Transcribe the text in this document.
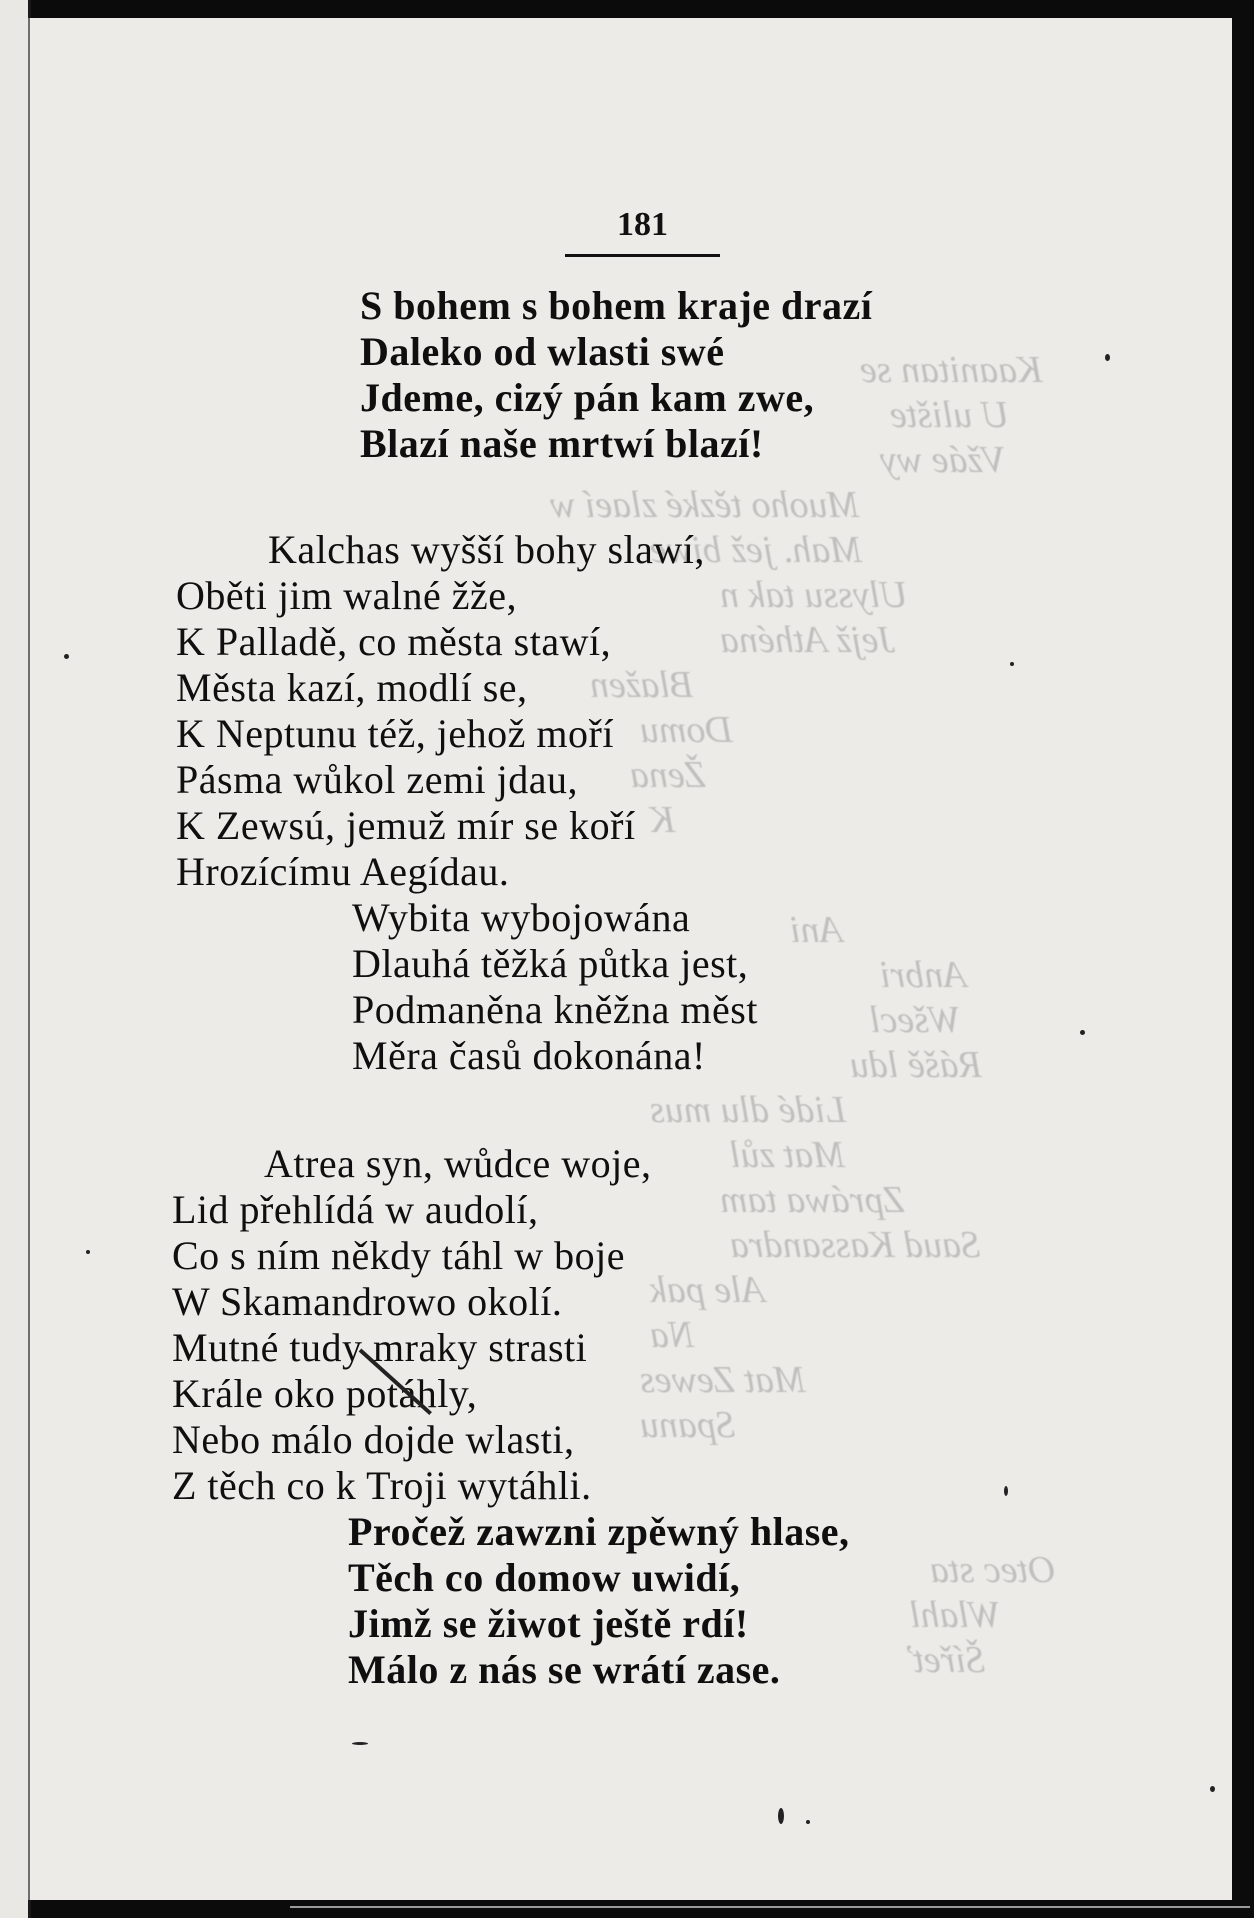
Kaanitan se
U ulište
Vžáe wy
Muoho tězké zlaeí w
Mah. jež biwe
Ulyssu tak n
Jejž Athéna
Blažen
Domu
Žena
K
Ani
Anbri
Wšecl
Rášě ldu
Lidé dlu mus
Mat zůl
Zpráwa tam
Saud Kassandra
Ale pak
Na
Mat Zewes
Spanu
Otec sta
Wlahl
Šířeť
181
S bohem s bohem kraje drazí
Daleko od wlasti swé
Jdeme, cizý pán kam zwe,
Blazí naše mrtwí blazí!
Kalchas wyšší bohy slawí,
Oběti jim walné žže,
K Palladě, co města stawí,
Města kazí, modlí se,
K Neptunu též, jehož moří
Pásma wůkol zemi jdau,
K Zewsú, jemuž mír se koří
Hrozícímu Aegídau.
Wybita wybojowána
Dlauhá těžká půtka jest,
Podmaněna kněžna měst
Měra časů dokonána!
Atrea syn, wůdce woje,
Lid přehlídá w audolí,
Co s ním někdy táhl w boje
W Skamandrowo okolí.
Mutné tudy mraky strasti
Krále oko potáhly,
Nebo málo dojde wlasti,
Z těch co k Troji wytáhli.
Pročež zawzni zpěwný hlase,
Těch co domow uwidí,
Jimž se žiwot ještě rdí!
Málo z nás se wrátí zase.
